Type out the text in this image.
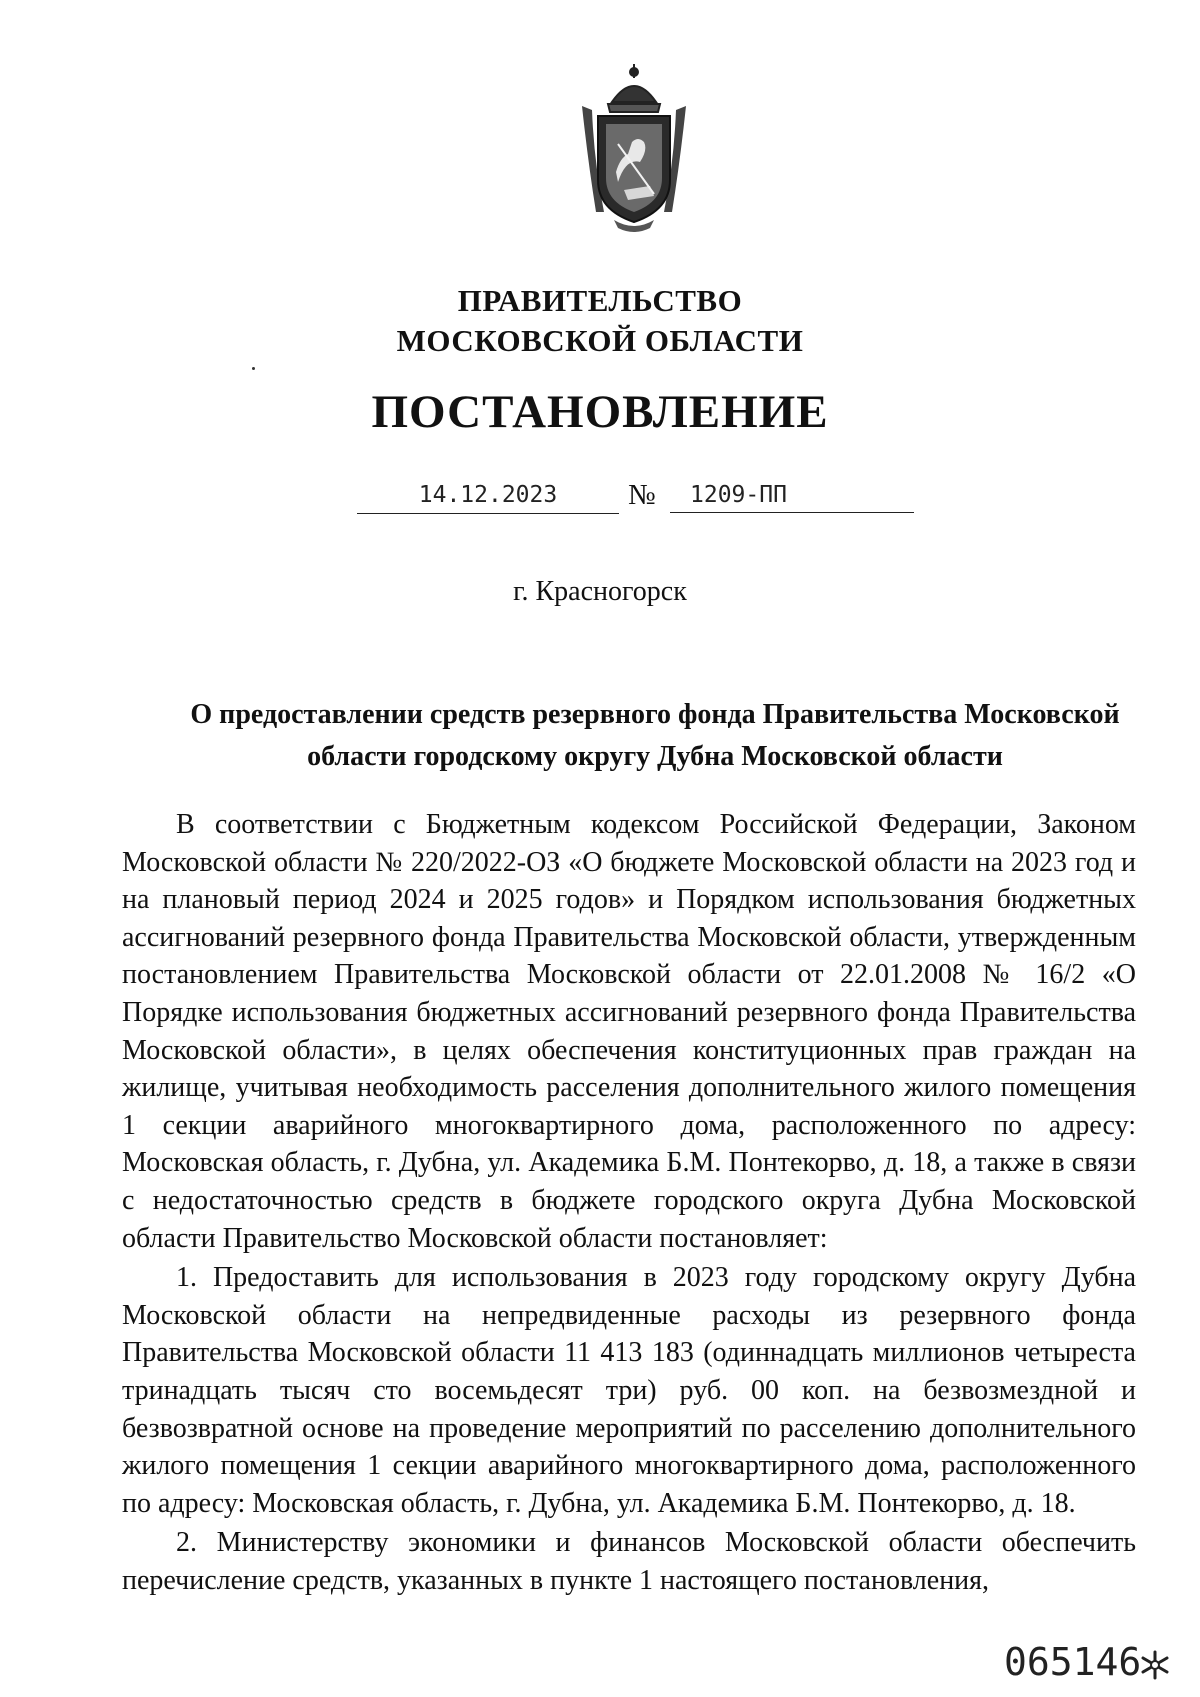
ПРАВИТЕЛЬСТВО
МОСКОВСКОЙ ОБЛАСТИ
ПОСТАНОВЛЕНИЕ
14.12.2023	№	1209-ПП
г. Красногорск
О предоставлении средств резервного фонда Правительства Московской области городскому округу Дубна Московской области

В соответствии с Бюджетным кодексом Российской Федерации, Законом Московской области № 220/2022-ОЗ «О бюджете Московской области на 2023 год и на плановый период 2024 и 2025 годов» и Порядком использования бюджетных ассигнований резервного фонда Правительства Московской области, утвержденным постановлением Правительства Московской области от 22.01.2008 № 16/2 «О Порядке использования бюджетных ассигнований резервного фонда Правительства Московской области», в целях обеспечения конституционных прав граждан на жилище, учитывая необходимость расселения дополнительного жилого помещения 1 секции аварийного многоквартирного дома, расположенного по адресу: Московская область, г. Дубна, ул. Академика Б.М. Понтекорво, д. 18, а также в связи с недостаточностью средств в бюджете городского округа Дубна Московской области Правительство Московской области постановляет:

1. Предоставить для использования в 2023 году городскому округу Дубна Московской области на непредвиденные расходы из резервного фонда Правительства Московской области 11 413 183 (одиннадцать миллионов четыреста тринадцать тысяч сто восемьдесят три) руб. 00 коп. на безвозмездной и безвозвратной основе на проведение мероприятий по расселению дополнительного жилого помещения 1 секции аварийного многоквартирного дома, расположенного по адресу: Московская область, г. Дубна, ул. Академика Б.М. Понтекорво, д. 18.

2. Министерству экономики и финансов Московской области обеспечить перечисление средств, указанных в пункте 1 настоящего постановления,

065146
